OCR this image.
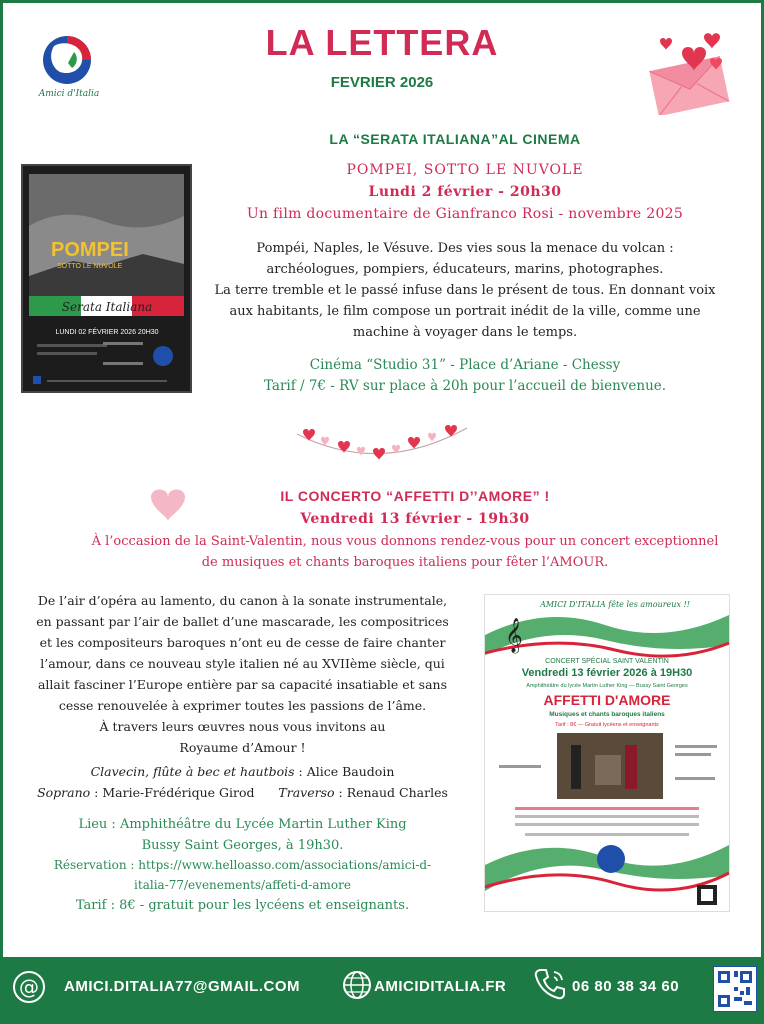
Amici d'Italia
LA LETTERA
FEVRIER 2026
LA “SERATA ITALIANA”AL CINEMA
POMPEI
SOTTO LE NUVOLE
Serata Italiana
LUNDI 02 FÉVRIER 2026 20H30
POMPEI, SOTTO LE NUVOLE
Lundi 2 février - 20h30
Un film documentaire de Gianfranco Rosi - novembre 2025
Pompéi, Naples, le Vésuve. Des vies sous la menace du volcan :
archéologues, pompiers, éducateurs, marins, photographes.
La terre tremble et le passé infuse dans le présent de tous. En donnant voix
aux habitants, le film compose un portrait inédit de la ville, comme une
machine à voyager dans le temps.
Cinéma “Studio 31” - Place d’Ariane - Chessy
Tarif / 7€ - RV sur place à 20h pour l’accueil de bienvenue.
IL CONCERTO “AFFETTI D’’AMORE” !
Vendredi 13 février - 19h30
À l’occasion de la Saint-Valentin, nous vous donnons rendez-vous pour un concert exceptionnel
de musiques et chants baroques italiens pour fêter l’AMOUR.
De l’air d’opéra au lamento, du canon à la sonate instrumentale,
en passant par l’air de ballet d’une mascarade, les compositrices
et les compositeurs baroques n’ont eu de cesse de faire chanter
l’amour, dans ce nouveau style italien né au XVIIème siècle, qui
allait fasciner l’Europe entière par sa capacité insatiable et sans
cesse renouvelée à exprimer toutes les passions de l’âme.
À travers leurs œuvres nous vous invitons au
Royaume d’Amour !
Clavecin, flûte à bec et hautbois : Alice Baudoin
Soprano : Marie-Frédérique Girod Traverso : Renaud Charles
Lieu : Amphithéâtre du Lycée Martin Luther King
Bussy Saint Georges, à 19h30.
Réservation : https://www.helloasso.com/associations/amici-d-
italia-77/evenements/affeti-d-amore
Tarif : 8€ - gratuit pour les lycéens et enseignants.
AMICI D'ITALIA fête les amoureux !!
𝄞
CONCERT SPÉCIAL SAINT VALENTIN
Vendredi 13 février 2026 à 19H30
Amphithéâtre du lycée Martin Luther King — Bussy Saint Georges
AFFETTI D'AMORE
Musiques et chants baroques italiens
Tarif : 8€ — Gratuit lycéens et enseignants
@ AMICI.DITALIA77@GMAIL.COM	AMICIDITALIA.FR	06 80 38 34 60
